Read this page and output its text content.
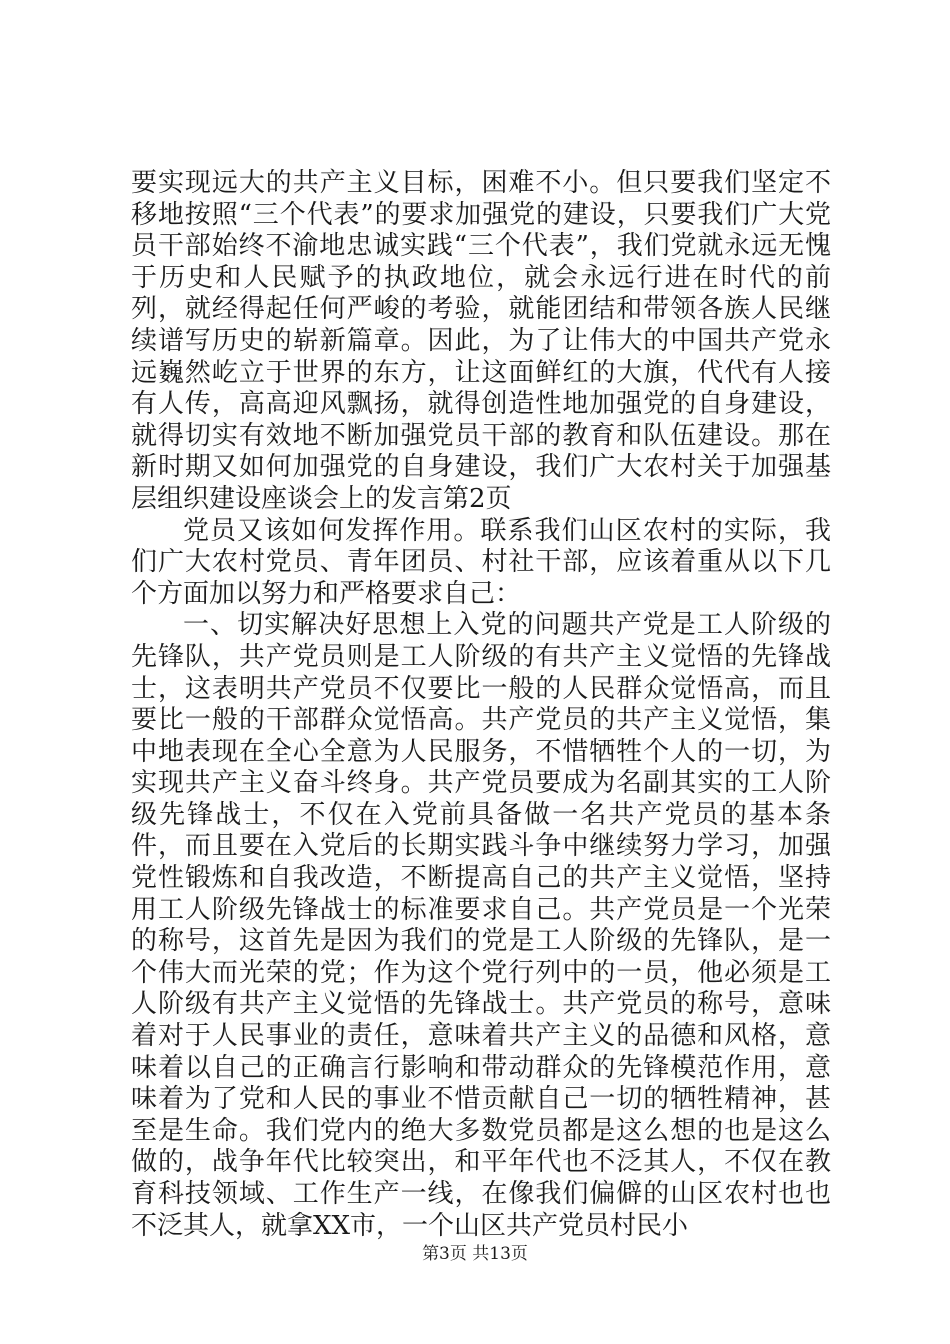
要实现远大的共产主义目标，困难不小。但只要我们坚定不移地按照“三个代表”的要求加强党的建设，只要我们广大党员干部始终不渝地忠诚实践“三个代表”，我们党就永远无愧于历史和人民赋予的执政地位，就会永远行进在时代的前列，就经得起任何严峻的考验，就能团结和带领各族人民继续谱写历史的崭新篇章。因此，为了让伟大的中国共产党永远巍然屹立于世界的东方，让这面鲜红的大旗，代代有人接有人传，高高迎风飘扬，就得创造性地加强党的自身建设，就得切实有效地不断加强党员干部的教育和队伍建设。那在新时期又如何加强党的自身建设，我们广大农村关于加强基层组织建设座谈会上的发言第2页

党员又该如何发挥作用。联系我们山区农村的实际，我们广大农村党员、青年团员、村社干部，应该着重从以下几个方面加以努力和严格要求自己：

一、切实解决好思想上入党的问题共产党是工人阶级的先锋队，共产党员则是工人阶级的有共产主义觉悟的先锋战士，这表明共产党员不仅要比一般的人民群众觉悟高，而且要比一般的干部群众觉悟高。共产党员的共产主义觉悟，集中地表现在全心全意为人民服务，不惜牺牲个人的一切，为实现共产主义奋斗终身。共产党员要成为名副其实的工人阶级先锋战士，不仅在入党前具备做一名共产党员的基本条件，而且要在入党后的长期实践斗争中继续努力学习，加强党性锻炼和自我改造，不断提高自己的共产主义觉悟，坚持用工人阶级先锋战士的标准要求自己。共产党员是一个光荣的称号，这首先是因为我们的党是工人阶级的先锋队，是一个伟大而光荣的党；作为这个党行列中的一员，他必须是工人阶级有共产主义觉悟的先锋战士。共产党员的称号，意味着对于人民事业的责任，意味着共产主义的品德和风格，意味着以自己的正确言行影响和带动群众的先锋模范作用，意味着为了党和人民的事业不惜贡献自己一切的牺牲精神，甚至是生命。我们党内的绝大多数党员都是这么想的也是这么做的，战争年代比较突出，和平年代也不泛其人，不仅在教育科技领域、工作生产一线，在像我们偏僻的山区农村也也不泛其人，就拿XX市，一个山区共产党员村民小

第3页 共13页
